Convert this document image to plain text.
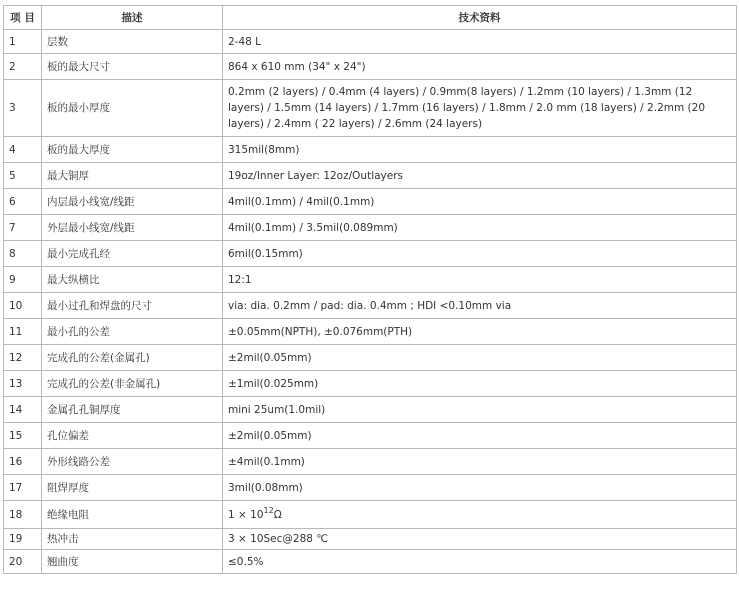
项 目	描述	技术资料
1	层数	2-48 L
2	板的最大尺寸	864 x 610 mm (34" x 24")
3	板的最小厚度	0.2mm (2 layers) / 0.4mm (4 layers) / 0.9mm(8 layers) / 1.2mm (10 layers) / 1.3mm (12 layers) / 1.5mm (14 layers) / 1.7mm (16 layers) / 1.8mm / 2.0 mm (18 layers) / 2.2mm (20 layers) / 2.4mm ( 22 layers) / 2.6mm (24 layers)
4	板的最大厚度	315mil(8mm)
5	最大铜厚	19oz/Inner Layer: 12oz/Outlayers
6	内层最小线宽/线距	4mil(0.1mm) / 4mil(0.1mm)
7	外层最小线宽/线距	4mil(0.1mm) / 3.5mil(0.089mm)
8	最小完成孔经	6mil(0.15mm)
9	最大纵横比	12:1
10	最小过孔和焊盘的尺寸	via: dia. 0.2mm / pad: dia. 0.4mm ; HDI <0.10mm via
11	最小孔的公差	±0.05mm(NPTH), ±0.076mm(PTH)
12	完成孔的公差(金属孔)	±2mil(0.05mm)
13	完成孔的公差(非金属孔)	±1mil(0.025mm)
14	金属孔孔铜厚度	mini 25um(1.0mil)
15	孔位偏差	±2mil(0.05mm)
16	外形线路公差	±4mil(0.1mm)
17	阻焊厚度	3mil(0.08mm)
18	绝缘电阻	$1 \times 10^{12}\Omega$
19	热冲击	3 × 10Sec@288 ℃
20	翘曲度	≤0.5%
